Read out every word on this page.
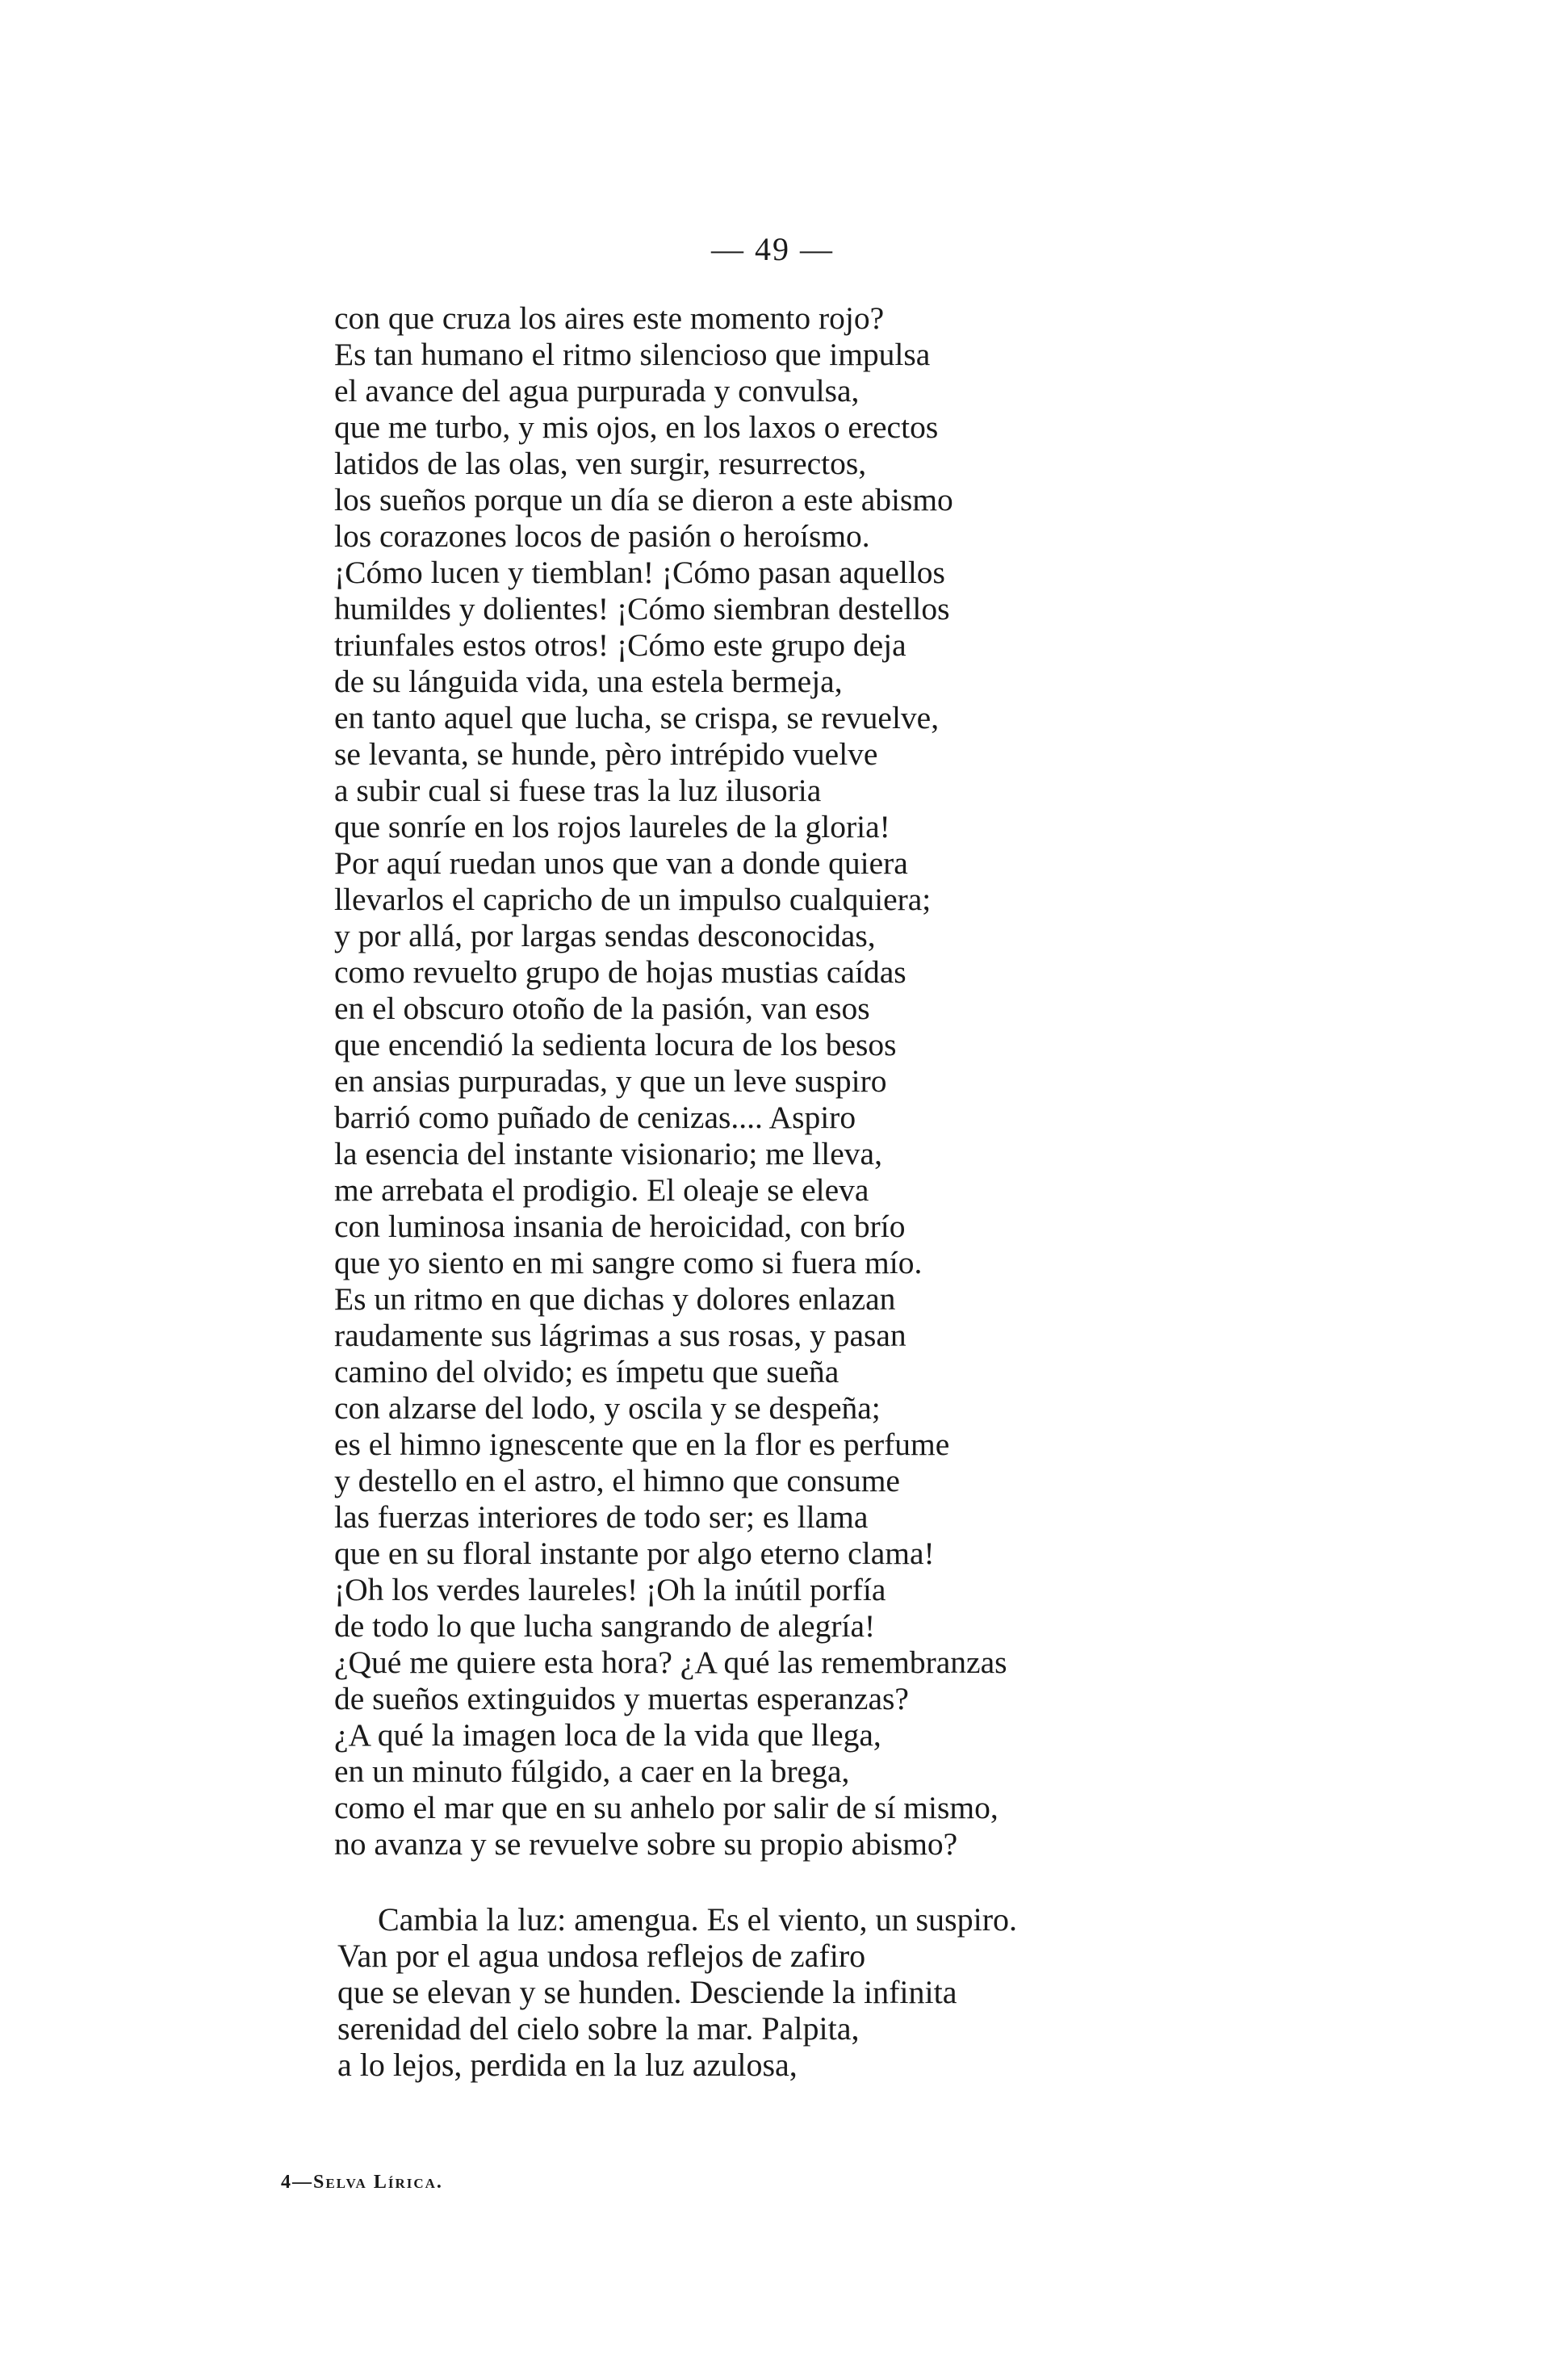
— 49 —
con que cruza los aires este momento rojo?
Es tan humano el ritmo silencioso que impulsa
el avance del agua purpurada y convulsa,
que me turbo, y mis ojos, en los laxos o erectos
latidos de las olas, ven surgir, resurrectos,
los sueños porque un día se dieron a este abismo
los corazones locos de pasión o heroísmo.
¡Cómo lucen y tiemblan! ¡Cómo pasan aquellos
humildes y dolientes! ¡Cómo siembran destellos
triunfales estos otros! ¡Cómo este grupo deja
de su lánguida vida, una estela bermeja,
en tanto aquel que lucha, se crispa, se revuelve,
se levanta, se hunde, pèro intrépido vuelve
a subir cual si fuese tras la luz ilusoria
que sonríe en los rojos laureles de la gloria!
Por aquí ruedan unos que van a donde quiera
llevarlos el capricho de un impulso cualquiera;
y por allá, por largas sendas desconocidas,
como revuelto grupo de hojas mustias caídas
en el obscuro otoño de la pasión, van esos
que encendió la sedienta locura de los besos
en ansias purpuradas, y que un leve suspiro
barrió como puñado de cenizas.... Aspiro
la esencia del instante visionario; me lleva,
me arrebata el prodigio. El oleaje se eleva
con luminosa insania de heroicidad, con brío
que yo siento en mi sangre como si fuera mío.
Es un ritmo en que dichas y dolores enlazan
raudamente sus lágrimas a sus rosas, y pasan
camino del olvido; es ímpetu que sueña
con alzarse del lodo, y oscila y se despeña;
es el himno ignescente que en la flor es perfume
y destello en el astro, el himno que consume
las fuerzas interiores de todo ser; es llama
que en su floral instante por algo eterno clama!
¡Oh los verdes laureles! ¡Oh la inútil porfía
de todo lo que lucha sangrando de alegría!
¿Qué me quiere esta hora? ¿A qué las remembranzas
de sueños extinguidos y muertas esperanzas?
¿A qué la imagen loca de la vida que llega,
en un minuto fúlgido, a caer en la brega,
como el mar que en su anhelo por salir de sí mismo,
no avanza y se revuelve sobre su propio abismo?
Cambia la luz: amengua. Es el viento, un suspiro.
Van por el agua undosa reflejos de zafiro
que se elevan y se hunden. Desciende la infinita
serenidad del cielo sobre la mar. Palpita,
a lo lejos, perdida en la luz azulosa,
4—Selva Lírica.
